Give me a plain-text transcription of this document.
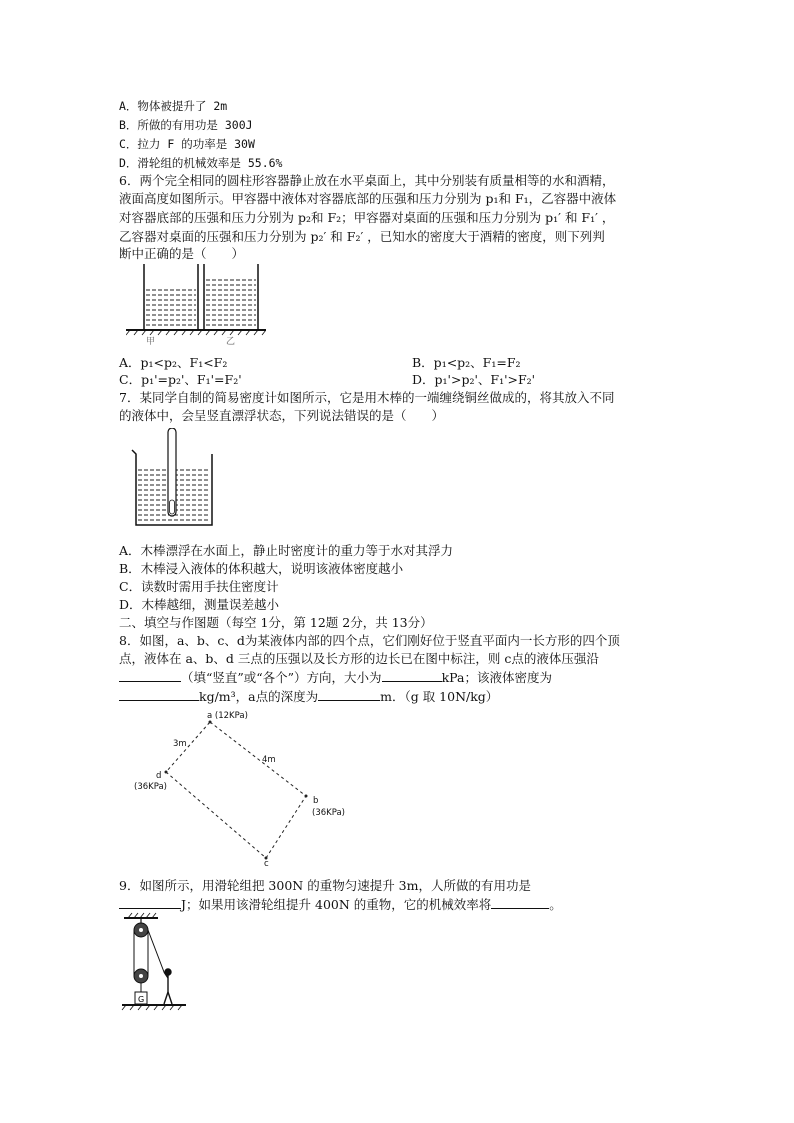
A．物体被提升了 2m
B．所做的有用功是 300J
C．拉力 F 的功率是 30W
D．滑轮组的机械效率是 55.6%
6．两个完全相同的圆柱形容器静止放在水平桌面上，其中分别装有质量相等的水和酒精，
液面高度如图所示。甲容器中液体对容器底部的压强和压力分别为 p₁和 F₁，乙容器中液体
对容器底部的压强和压力分别为 p₂和 F₂；甲容器对桌面的压强和压力分别为 p₁′ 和 F₁′ ，
乙容器对桌面的压强和压力分别为 p₂′ 和 F₂′ ，已知水的密度大于酒精的密度，则下列判
断中正确的是（　　）
甲	乙
A．p₁<p₂、F₁<F₂	B．p₁<p₂、F₁=F₂
C．p₁'=p₂'、F₁'=F₂'	D．p₁'>p₂'、F₁'>F₂'
7．某同学自制的简易密度计如图所示，它是用木棒的一端缠绕铜丝做成的，将其放入不同
的液体中，会呈竖直漂浮状态，下列说法错误的是（　　）
A．木棒漂浮在水面上，静止时密度计的重力等于水对其浮力
B．木棒浸入液体的体积越大，说明该液体密度越小
C．读数时需用手扶住密度计
D．木棒越细，测量误差越小
二、填空与作图题（每空 1分，第 12题 2分，共 13分）
8．如图，a、b、c、d为某液体内部的四个点，它们刚好位于竖直平面内一长方形的四个顶
点，液体在 a、b、d 三点的压强以及长方形的边长已在图中标注，则 c点的液体压强沿
（填“竖直”或“各个”）方向，大小为	kPa；该液体密度为
kg/m³，a点的深度为	m．（g 取 10N/kg）
a (12KPa)
b
(36KPa)
c
d
(36KPa)
3m
4m
9．如图所示，用滑轮组把 300N 的重物匀速提升 3m，人所做的有用功是
J；如果用该滑轮组提升 400N 的重物，它的机械效率将	。
G
